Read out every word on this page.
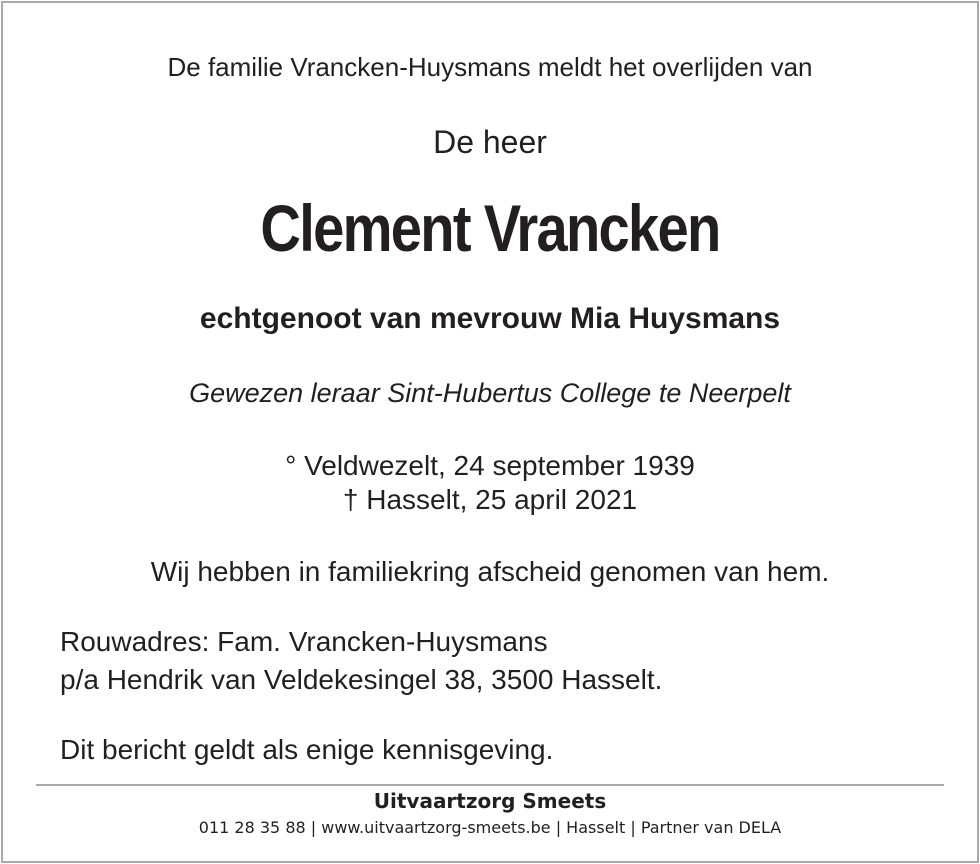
De familie Vrancken-Huysmans meldt het overlijden van
De heer
Clement Vrancken
echtgenoot van mevrouw Mia Huysmans
Gewezen leraar Sint-Hubertus College te Neerpelt
° Veldwezelt, 24 september 1939
† Hasselt, 25 april 2021
Wij hebben in familiekring afscheid genomen van hem.
Rouwadres: Fam. Vrancken-Huysmans
p/a Hendrik van Veldekesingel 38, 3500 Hasselt.
Dit bericht geldt als enige kennisgeving.
Uitvaartzorg Smeets
011 28 35 88 | www.uitvaartzorg-smeets.be | Hasselt | Partner van DELA
